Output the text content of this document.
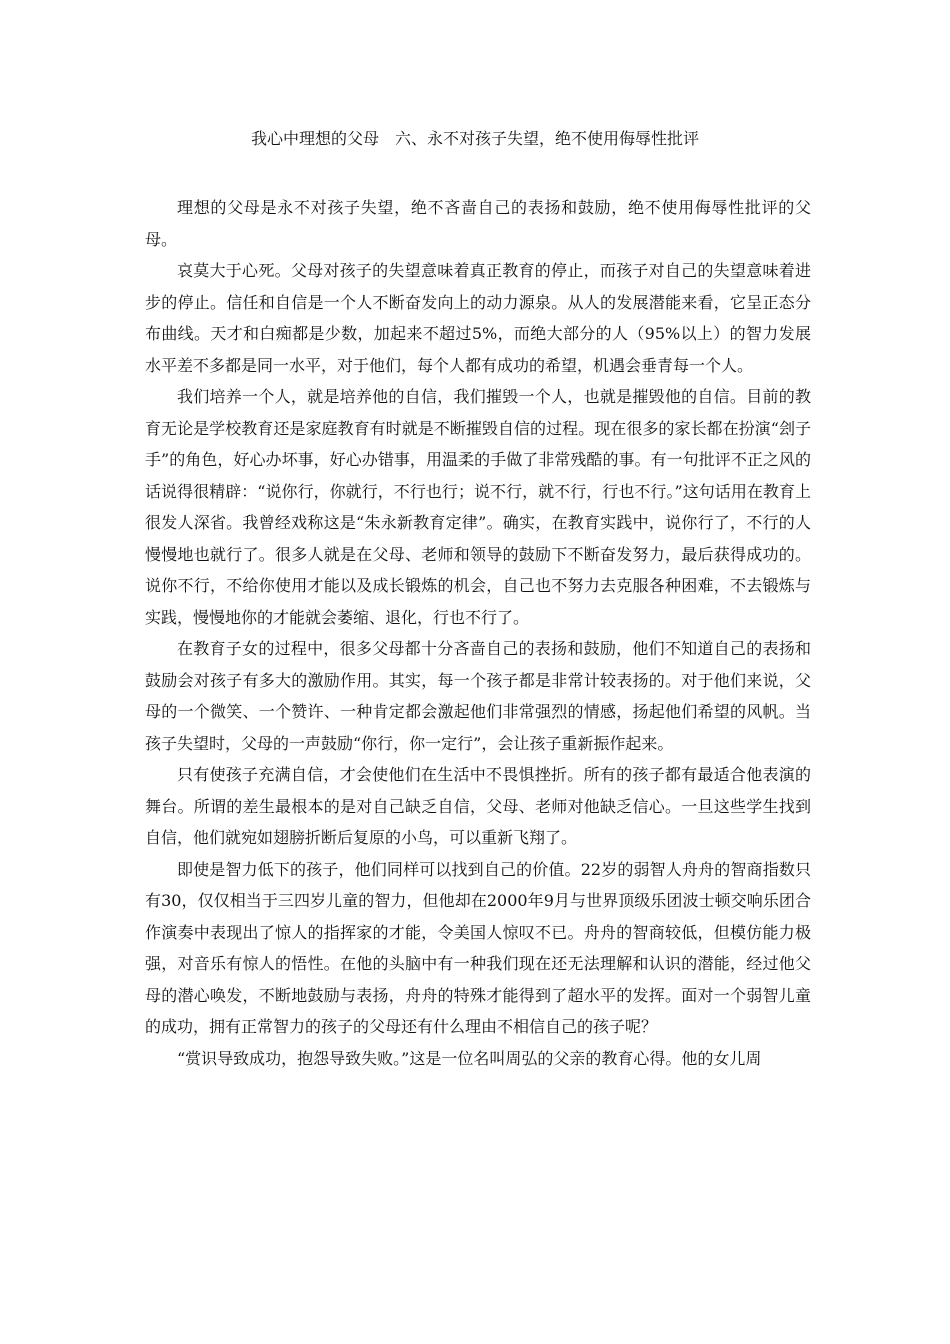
我心中理想的父母　六、永不对孩子失望，绝不使用侮辱性批评

理想的父母是永不对孩子失望，绝不吝啬自己的表扬和鼓励，绝不使用侮辱性批评的父母。

哀莫大于心死。父母对孩子的失望意味着真正教育的停止，而孩子对自己的失望意味着进步的停止。信任和自信是一个人不断奋发向上的动力源泉。从人的发展潜能来看，它呈正态分布曲线。天才和白痴都是少数，加起来不超过5%，而绝大部分的人（95%以上）的智力发展水平差不多都是同一水平，对于他们，每个人都有成功的希望，机遇会垂青每一个人。

我们培养一个人，就是培养他的自信，我们摧毁一个人，也就是摧毁他的自信。目前的教育无论是学校教育还是家庭教育有时就是不断摧毁自信的过程。现在很多的家长都在扮演“刽子手”的角色，好心办坏事，好心办错事，用温柔的手做了非常残酷的事。有一句批评不正之风的话说得很精辟：“说你行，你就行，不行也行；说不行，就不行，行也不行。”这句话用在教育上很发人深省。我曾经戏称这是“朱永新教育定律”。确实，在教育实践中，说你行了，不行的人慢慢地也就行了。很多人就是在父母、老师和领导的鼓励下不断奋发努力，最后获得成功的。说你不行，不给你使用才能以及成长锻炼的机会，自己也不努力去克服各种困难，不去锻炼与实践，慢慢地你的才能就会萎缩、退化，行也不行了。

在教育子女的过程中，很多父母都十分吝啬自己的表扬和鼓励，他们不知道自己的表扬和鼓励会对孩子有多大的激励作用。其实，每一个孩子都是非常计较表扬的。对于他们来说，父母的一个微笑、一个赞许、一种肯定都会激起他们非常强烈的情感，扬起他们希望的风帆。当孩子失望时，父母的一声鼓励“你行，你一定行”，会让孩子重新振作起来。

只有使孩子充满自信，才会使他们在生活中不畏惧挫折。所有的孩子都有最适合他表演的舞台。所谓的差生最根本的是对自己缺乏自信，父母、老师对他缺乏信心。一旦这些学生找到自信，他们就宛如翅膀折断后复原的小鸟，可以重新飞翔了。

即使是智力低下的孩子，他们同样可以找到自己的价值。22岁的弱智人舟舟的智商指数只有30，仅仅相当于三四岁儿童的智力，但他却在2000年9月与世界顶级乐团波士顿交响乐团合作演奏中表现出了惊人的指挥家的才能，令美国人惊叹不已。舟舟的智商较低，但模仿能力极强，对音乐有惊人的悟性。在他的头脑中有一种我们现在还无法理解和认识的潜能，经过他父母的潜心唤发，不断地鼓励与表扬，舟舟的特殊才能得到了超水平的发挥。面对一个弱智儿童的成功，拥有正常智力的孩子的父母还有什么理由不相信自己的孩子呢？

“赏识导致成功，抱怨导致失败。”这是一位名叫周弘的父亲的教育心得。他的女儿周
